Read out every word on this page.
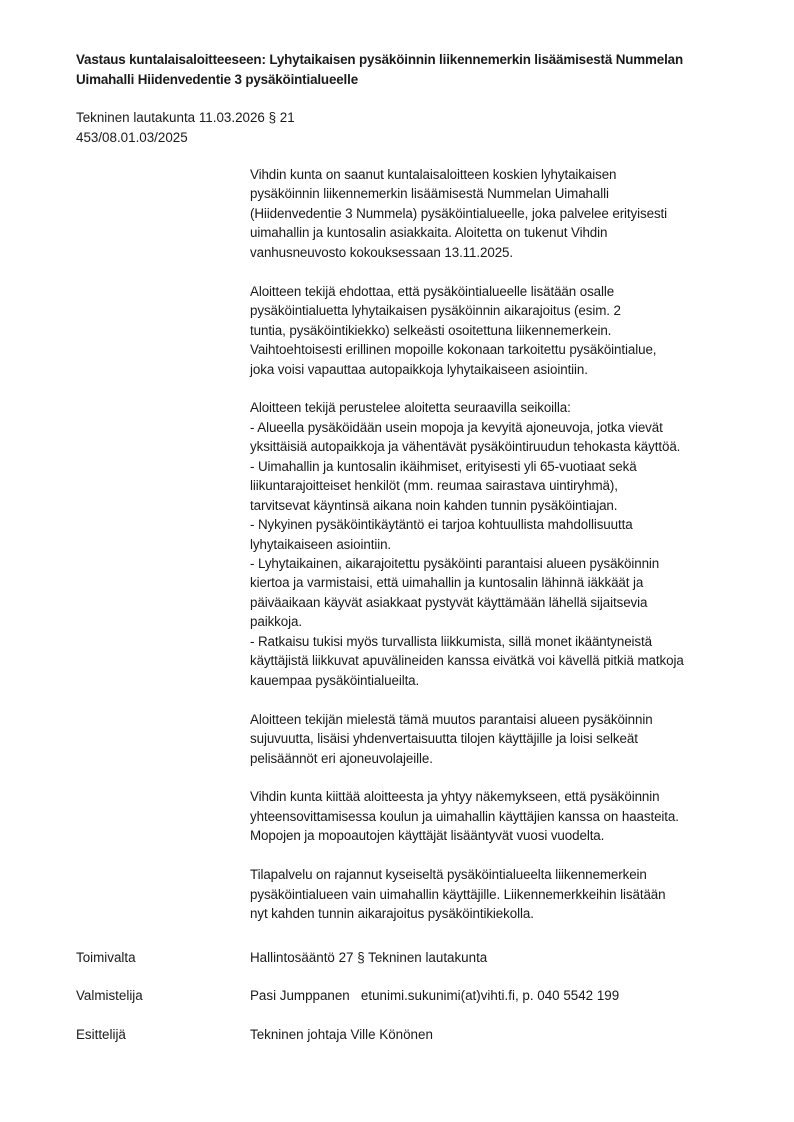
Vastaus kuntalaisaloitteeseen: Lyhytaikaisen pysäköinnin liikennemerkin lisäämisestä Nummelan
Uimahalli Hiidenvedentie 3 pysäköintialueelle
Tekninen lautakunta 11.03.2026 § 21
453/08.01.03/2025
Vihdin kunta on saanut kuntalaisaloitteen koskien lyhytaikaisen
pysäköinnin liikennemerkin lisäämisestä Nummelan Uimahalli
(Hiidenvedentie 3 Nummela) pysäköintialueelle, joka palvelee erityisesti
uimahallin ja kuntosalin asiakkaita. Aloitetta on tukenut Vihdin
vanhusneuvosto kokouksessaan 13.11.2025.
Aloitteen tekijä ehdottaa, että pysäköintialueelle lisätään osalle
pysäköintialuetta lyhytaikaisen pysäköinnin aikarajoitus (esim. 2
tuntia, pysäköintikiekko) selkeästi osoitettuna liikennemerkein.
Vaihtoehtoisesti erillinen mopoille kokonaan tarkoitettu pysäköintialue,
joka voisi vapauttaa autopaikkoja lyhytaikaiseen asiointiin.
Aloitteen tekijä perustelee aloitetta seuraavilla seikoilla:
- Alueella pysäköidään usein mopoja ja kevyitä ajoneuvoja, jotka vievät
yksittäisiä autopaikkoja ja vähentävät pysäköintiruudun tehokasta käyttöä.
- Uimahallin ja kuntosalin ikäihmiset, erityisesti yli 65-vuotiaat sekä
liikuntarajoitteiset henkilöt (mm. reumaa sairastava uintiryhmä),
tarvitsevat käyntinsä aikana noin kahden tunnin pysäköintiajan.
- Nykyinen pysäköintikäytäntö ei tarjoa kohtuullista mahdollisuutta
lyhytaikaiseen asiointiin.
- Lyhytaikainen, aikarajoitettu pysäköinti parantaisi alueen pysäköinnin
kiertoa ja varmistaisi, että uimahallin ja kuntosalin lähinnä iäkkäät ja
päiväaikaan käyvät asiakkaat pystyvät käyttämään lähellä sijaitsevia
paikkoja.
- Ratkaisu tukisi myös turvallista liikkumista, sillä monet ikääntyneistä
käyttäjistä liikkuvat apuvälineiden kanssa eivätkä voi kävellä pitkiä matkoja
kauempaa pysäköintialueilta.
Aloitteen tekijän mielestä tämä muutos parantaisi alueen pysäköinnin
sujuvuutta, lisäisi yhdenvertaisuutta tilojen käyttäjille ja loisi selkeät
pelisäännöt eri ajoneuvolajeille.
Vihdin kunta kiittää aloitteesta ja yhtyy näkemykseen, että pysäköinnin
yhteensovittamisessa koulun ja uimahallin käyttäjien kanssa on haasteita.
Mopojen ja mopoautojen käyttäjät lisääntyvät vuosi vuodelta.
Tilapalvelu on rajannut kyseiseltä pysäköintialueelta liikennemerkein
pysäköintialueen vain uimahallin käyttäjille. Liikennemerkkeihin lisätään
nyt kahden tunnin aikarajoitus pysäköintikiekolla.
Toimivalta	Hallintosääntö 27 § Tekninen lautakunta
Valmistelija	Pasi Jumppanen   etunimi.sukunimi(at)vihti.fi, p. 040 5542 199
Esittelijä	Tekninen johtaja Ville Könönen
